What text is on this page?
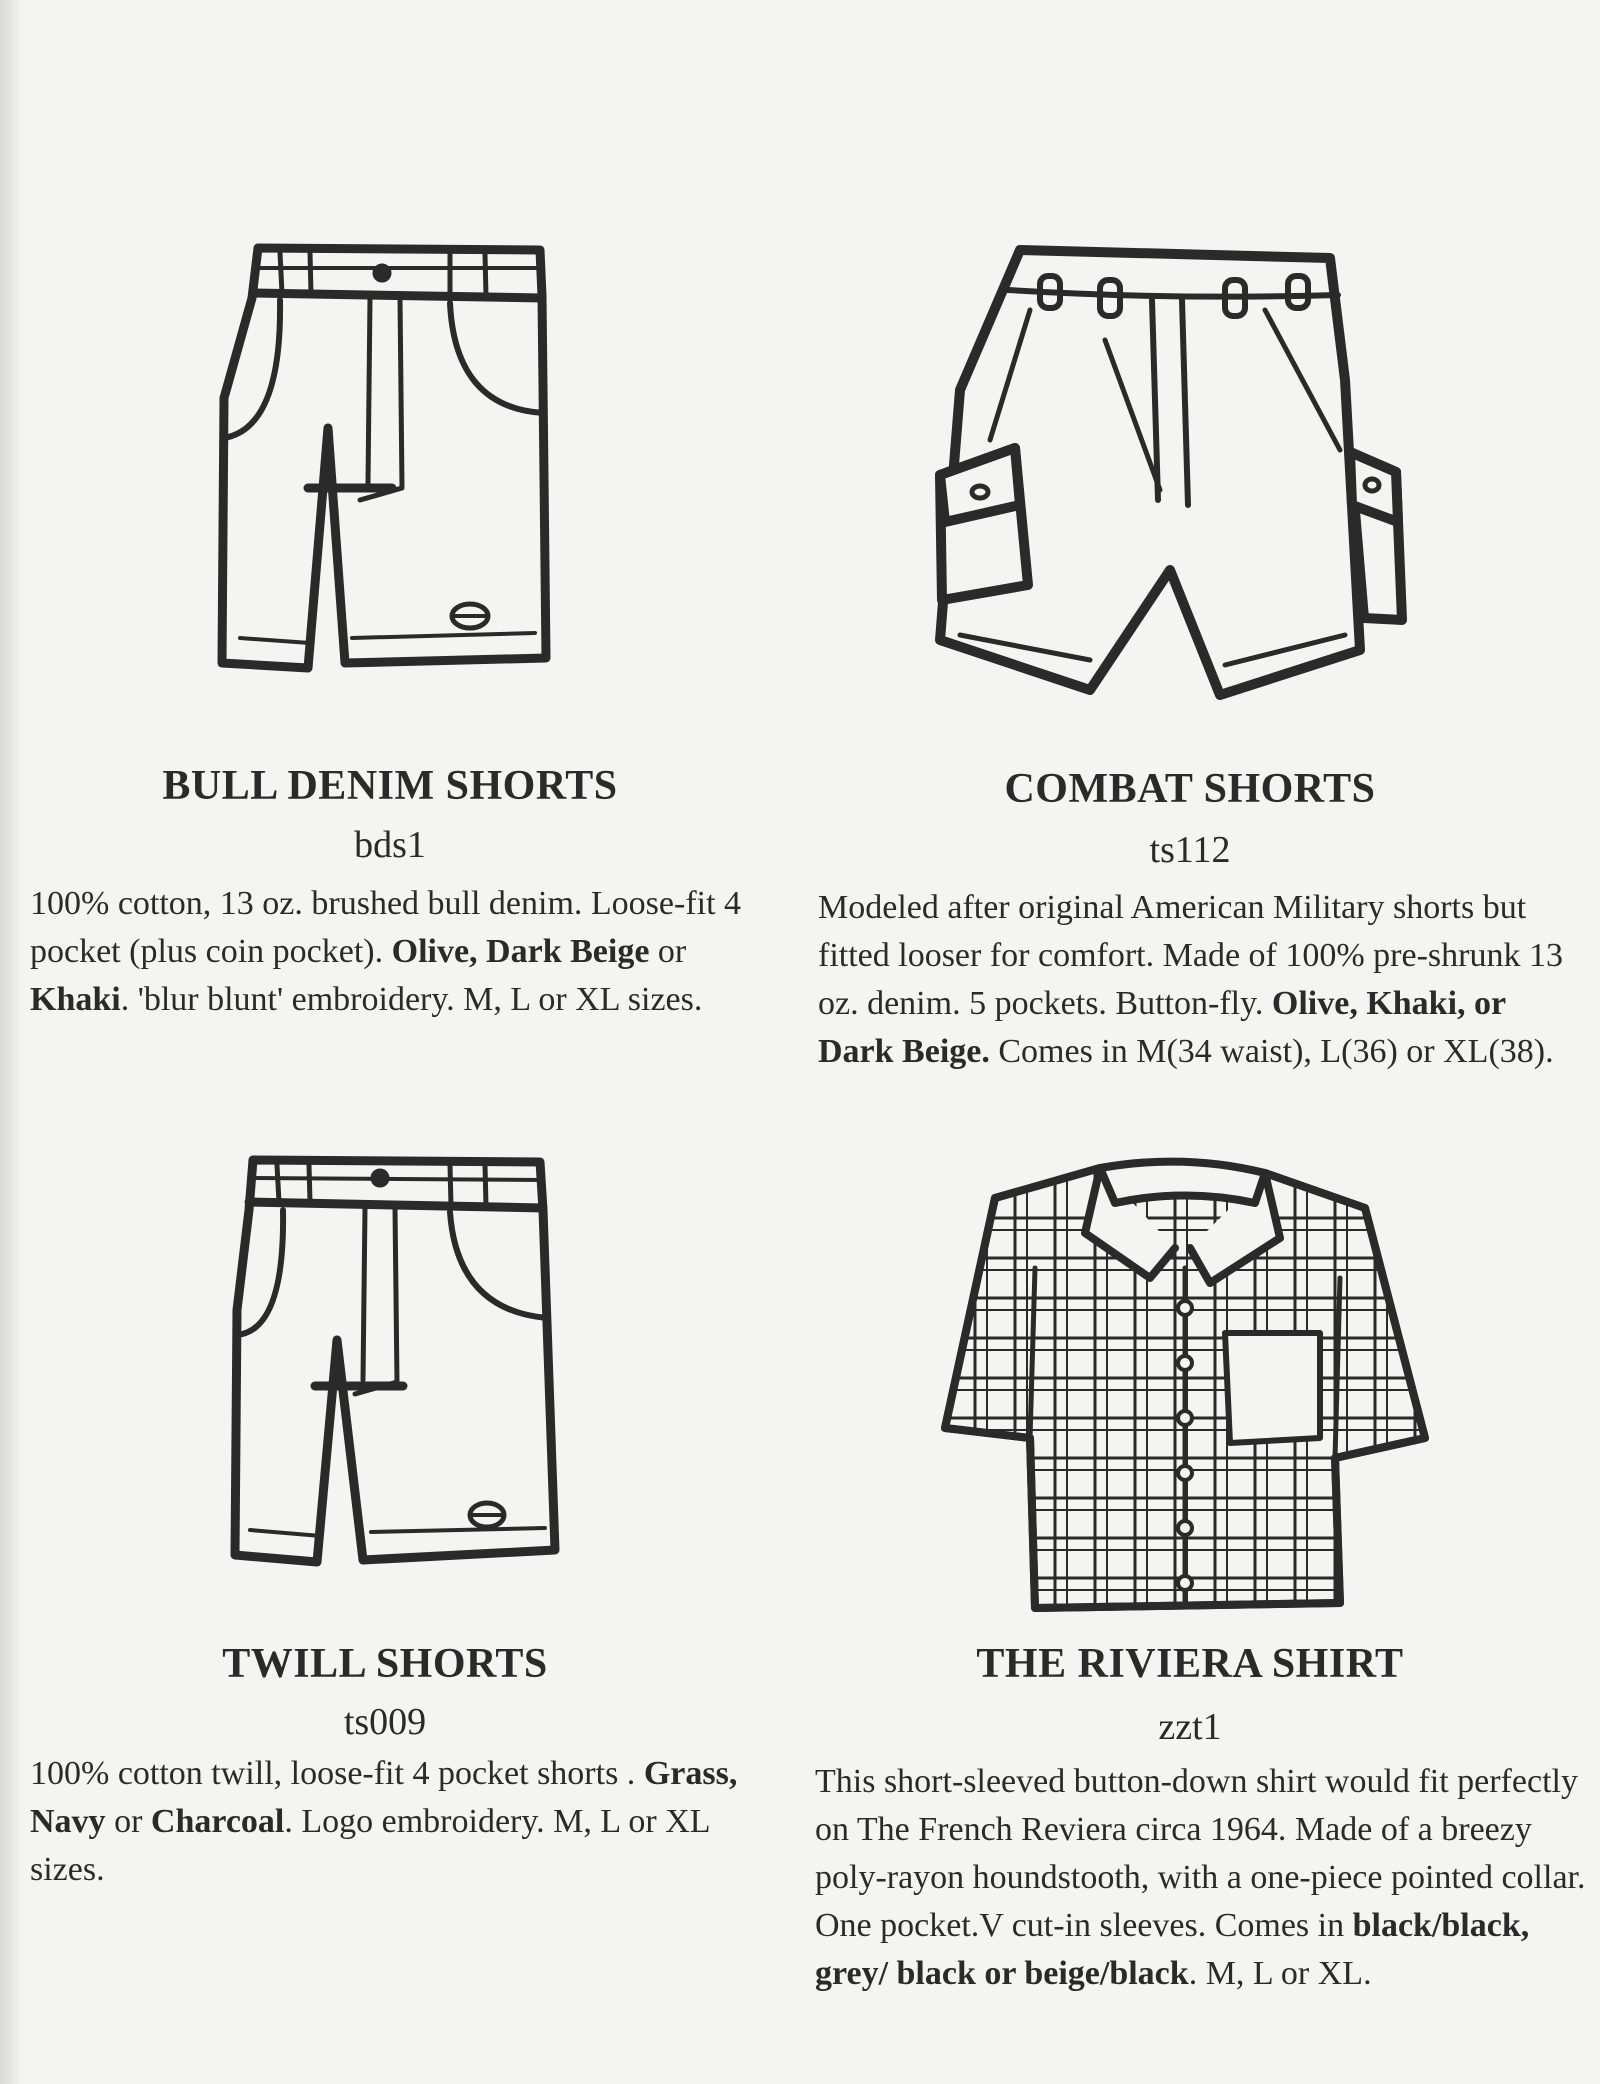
BULL DENIM SHORTS
bds1

100% cotton, 13 oz. brushed bull denim. Loose-fit 4 pocket (plus coin pocket). Olive, Dark Beige or Khaki. 'blur blunt' embroidery. M, L or XL sizes.

COMBAT SHORTS
ts112

Modeled after original American Military shorts but fitted looser for comfort. Made of 100% pre-shrunk 13 oz. denim. 5 pockets. Button-fly. Olive, Khaki, or Dark Beige. Comes in M(34 waist), L(36) or XL(38).

TWILL SHORTS
ts009

100% cotton twill, loose-fit 4 pocket shorts . Grass, Navy or Charcoal. Logo embroidery. M, L or XL sizes.

THE RIVIERA SHIRT
zzt1

This short-sleeved button-down shirt would fit perfectly on The French Reviera circa 1964. Made of a breezy poly-rayon houndstooth, with a one-piece pointed collar. One pocket.V cut-in sleeves. Comes in black/black, grey/ black or beige/black. M, L or XL.
